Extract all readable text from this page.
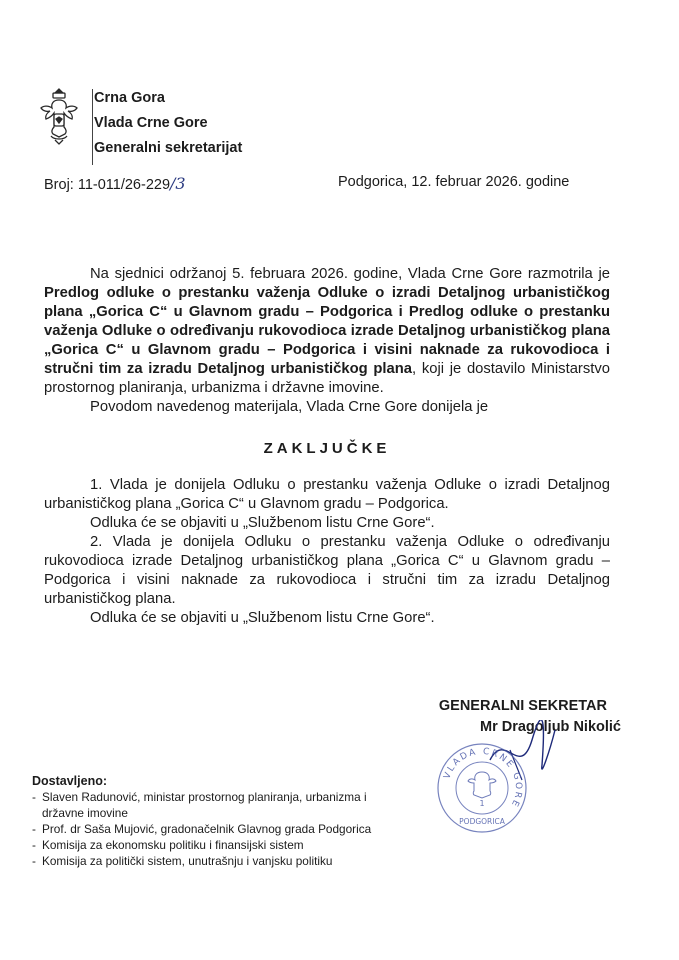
Crna Gora
Vlada Crne Gore
Generalni sekretarijat
Broj: 11-011/26-229/3	Podgorica, 12. februar 2026. godine

Na sjednici održanoj 5. februara 2026. godine, Vlada Crne Gore razmotrila je Predlog odluke o prestanku važenja Odluke o izradi Detaljnog urbanističkog plana „Gorica C“ u Glavnom gradu – Podgorica i Predlog odluke o prestanku važenja Odluke o određivanju rukovodioca izrade Detaljnog urbanističkog plana „Gorica C“ u Glavnom gradu – Podgorica i visini naknade za rukovodioca i stručni tim za izradu Detaljnog urbanističkog plana, koji je dostavilo Ministarstvo prostornog planiranja, urbanizma i državne imovine.

Povodom navedenog materijala, Vlada Crne Gore donijela je

ZAKLJUČKE

1. Vlada je donijela Odluku o prestanku važenja Odluke o izradi Detaljnog urbanističkog plana „Gorica C“ u Glavnom gradu – Podgorica.

Odluka će se objaviti u „Službenom listu Crne Gore“.

2. Vlada je donijela Odluku o prestanku važenja Odluke o određivanju rukovodioca izrade Detaljnog urbanističkog plana „Gorica C“ u Glavnom gradu – Podgorica i visini naknade za rukovodioca i stručni tim za izradu Detaljnog urbanističkog plana.

Odluka će se objaviti u „Službenom listu Crne Gore“.

GENERALNI SEKRETAR
Mr Dragoljub Nikolić
VLADA CRNE GORE
1
PODGORICA
Dostavljeno:
- Slaven Radunović, ministar prostornog planiranja, urbanizma i državne imovine
- Prof. dr Saša Mujović, gradonačelnik Glavnog grada Podgorica
- Komisija za ekonomsku politiku i finansijski sistem
- Komisija za politički sistem, unutrašnju i vanjsku politiku
